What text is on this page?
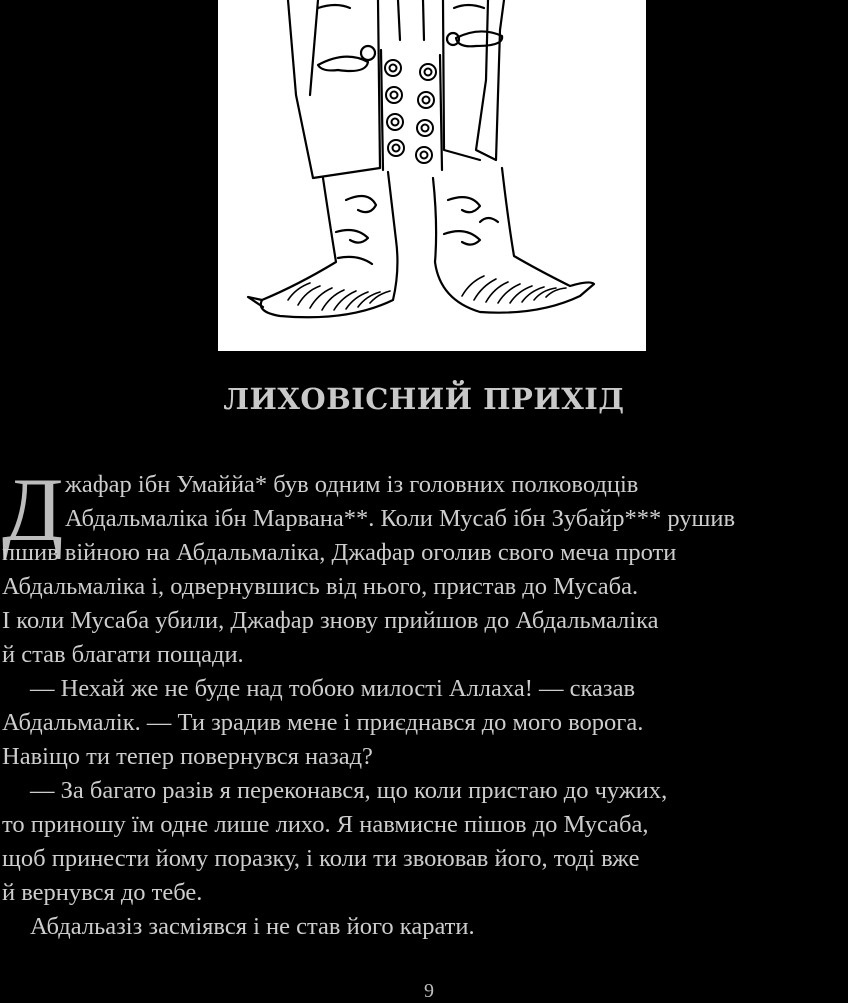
ЛИХОВІСНИЙ ПРИХІД
Д жафар ібн Умаййа* був одним із головних полководців
Абдальмаліка ібн Марвана**. Коли Мусаб ібн Зубайр*** рушив
пшив війною на Абдальмаліка, Джафар оголив свого меча проти
Абдальмаліка і, одвернувшись від нього, пристав до Мусаба.
І коли Мусаба убили, Джафар знову прийшов до Абдальмаліка
й став благати пощади.
— Нехай же не буде над тобою милості Аллаха! — сказав
Абдальмалік. — Ти зрадив мене і приєднався до мого ворога.
Навіщо ти тепер повернувся назад?
— За багато разів я переконався, що коли пристаю до чужих,
то приношу їм одне лише лихо. Я навмисне пішов до Мусаба,
щоб принести йому поразку, і коли ти звоював його, тоді вже
й вернувся до тебе.
Абдальазіз засміявся і не став його карати.
9
